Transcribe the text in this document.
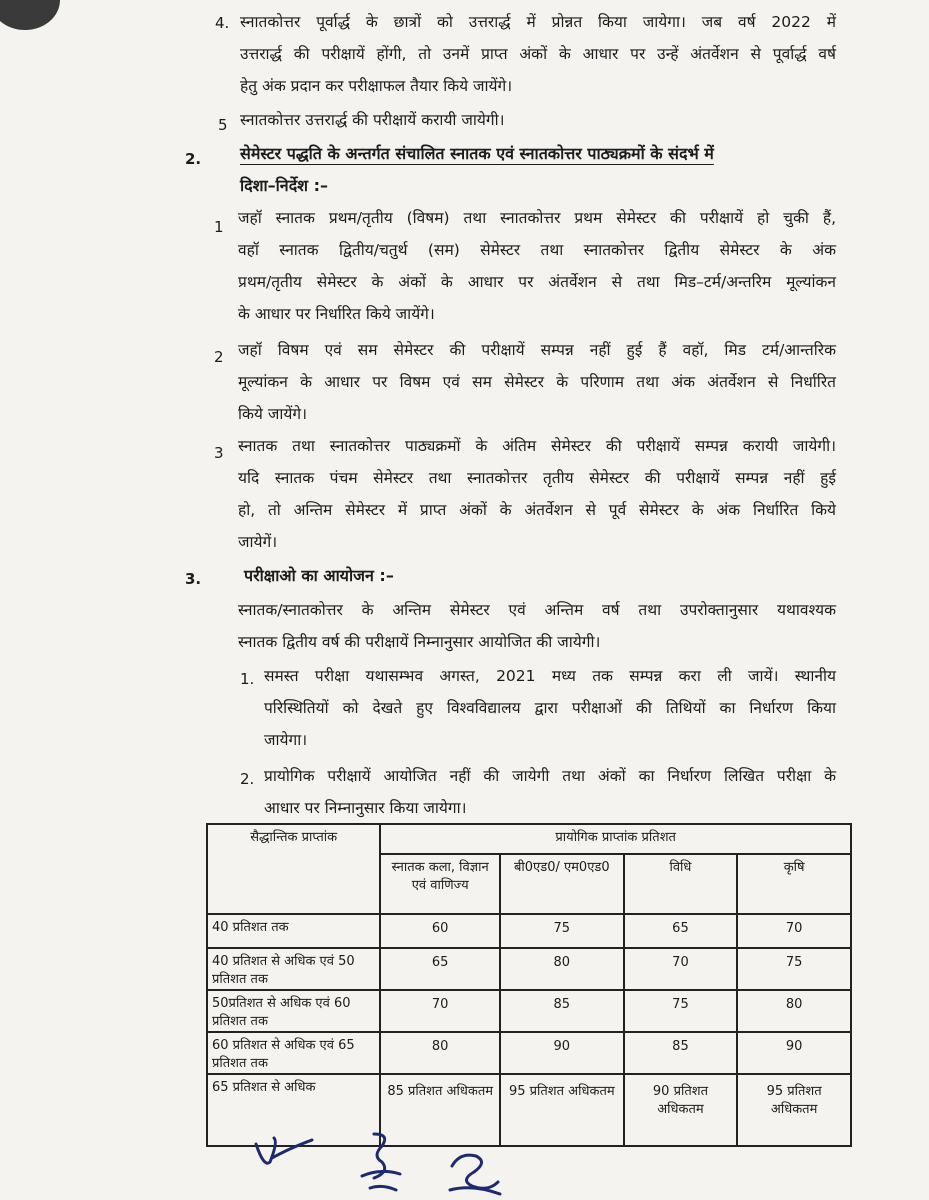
4. स्नातकोत्तर पूर्वार्द्ध के छात्रों को उत्तरार्द्ध में प्रोन्नत किया जायेगा। जब वर्ष 2022 में
उत्तरार्द्ध की परीक्षायें होंगी, तो उनमें प्राप्त अंकों के आधार पर उन्हें अंतर्वेशन से पूर्वार्द्ध वर्ष
हेतु अंक प्रदान कर परीक्षाफल तैयार किये जायेंगे।
5 स्नातकोत्तर उत्तरार्द्ध की परीक्षायें करायी जायेगी।
2. सेमेस्टर पद्धति के अन्तर्गत संचालित स्नातक एवं स्नातकोत्तर पाठ्यक्रमों के संदर्भ में
दिशा–निर्देश :–
1 जहॉ स्नातक प्रथम/तृतीय (विषम) तथा स्नातकोत्तर प्रथम सेमेस्टर की परीक्षायें हो चुकी हैं,
वहॉ स्नातक द्वितीय/चतुर्थ (सम) सेमेस्टर तथा स्नातकोत्तर द्वितीय सेमेस्टर के अंक
प्रथम/तृतीय सेमेस्टर के अंकों के आधार पर अंतर्वेशन से तथा मिड–टर्म/अन्तरिम मूल्यांकन
के आधार पर निर्धारित किये जायेंगे।
2 जहॉ विषम एवं सम सेमेस्टर की परीक्षायें सम्पन्न नहीं हुई हैं वहॉ, मिड टर्म/आन्तरिक
मूल्यांकन के आधार पर विषम एवं सम सेमेस्टर के परिणाम तथा अंक अंतर्वेशन से निर्धारित
किये जायेंगे।
3 स्नातक तथा स्नातकोत्तर पाठ्यक्रमों के अंतिम सेमेस्टर की परीक्षायें सम्पन्न करायी जायेगी।
यदि स्नातक पंचम सेमेस्टर तथा स्नातकोत्तर तृतीय सेमेस्टर की परीक्षायें सम्पन्न नहीं हुई
हो, तो अन्तिम सेमेस्टर में प्राप्त अंकों के अंतर्वेशन से पूर्व सेमेस्टर के अंक निर्धारित किये
जायेगें।
3.	परीक्षाओ का आयोजन :–
स्नातक/स्नातकोत्तर के अन्तिम सेमेस्टर एवं अन्तिम वर्ष तथा उपरोक्तानुसार यथावश्यक
स्नातक द्वितीय वर्ष की परीक्षायें निम्नानुसार आयोजित की जायेगी।
1. समस्त परीक्षा यथासम्भव अगस्त, 2021 मध्य तक सम्पन्न करा ली जायें। स्थानीय
परिस्थितियों को देखते हुए विश्वविद्यालय द्वारा परीक्षाओं की तिथियों का निर्धारण किया
जायेगा।
2. प्रायोगिक परीक्षायें आयोजित नहीं की जायेगी तथा अंकों का निर्धारण लिखित परीक्षा के
आधार पर निम्नानुसार किया जायेगा।
सैद्धान्तिक प्राप्तांक	प्रायोगिक प्राप्तांक प्रतिशत			
	स्नातक कला, विज्ञान एवं वाणिज्य	बी0एड0/ एम0एड0	विधि	कृषि
40 प्रतिशत तक	60	75	65	70
40 प्रतिशत से अधिक एवं 50 प्रतिशत तक	65	80	70	75
50प्रतिशत से अधिक एवं 60 प्रतिशत तक	70	85	75	80
60 प्रतिशत से अधिक एवं 65 प्रतिशत तक	80	90	85	90
65 प्रतिशत से अधिक	85 प्रतिशत अधिकतम	95 प्रतिशत अधिकतम	90 प्रतिशत अधिकतम	95 प्रतिशत अधिकतम
